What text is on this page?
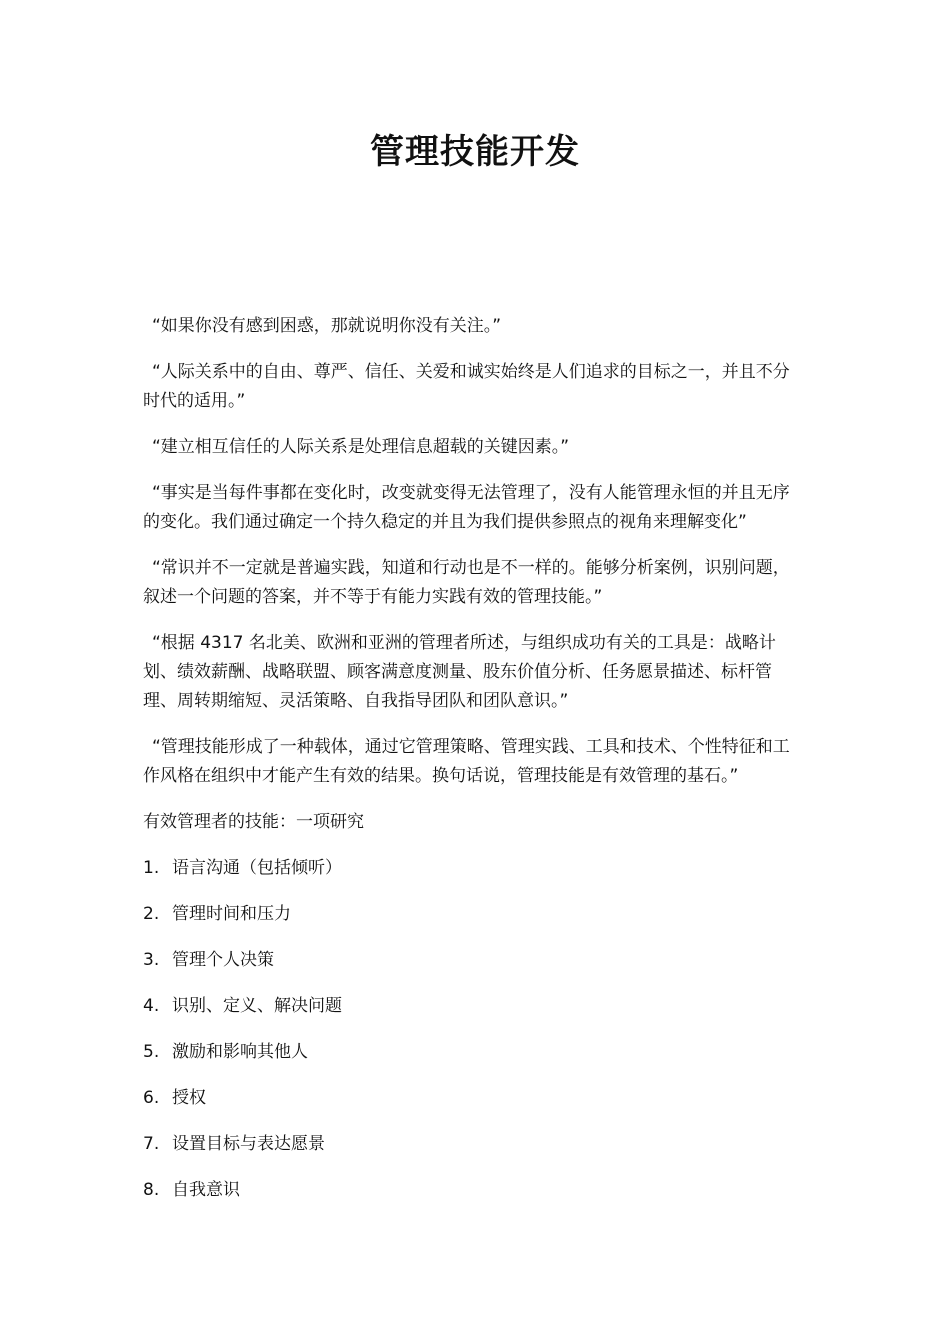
管理技能开发

“如果你没有感到困惑，那就说明你没有关注。”

“人际关系中的自由、尊严、信任、关爱和诚实始终是人们追求的目标之一，并且不分时代的适用。”

“建立相互信任的人际关系是处理信息超载的关键因素。”

“事实是当每件事都在变化时，改变就变得无法管理了，没有人能管理永恒的并且无序的变化。我们通过确定一个持久稳定的并且为我们提供参照点的视角来理解变化”

“常识并不一定就是普遍实践，知道和行动也是不一样的。能够分析案例，识别问题，叙述一个问题的答案，并不等于有能力实践有效的管理技能。”

“根据 4317 名北美、欧洲和亚洲的管理者所述，与组织成功有关的工具是：战略计划、绩效薪酬、战略联盟、顾客满意度测量、股东价值分析、任务愿景描述、标杆管理、周转期缩短、灵活策略、自我指导团队和团队意识。”

“管理技能形成了一种载体，通过它管理策略、管理实践、工具和技术、个性特征和工作风格在组织中才能产生有效的结果。换句话说，管理技能是有效管理的基石。”

有效管理者的技能：一项研究

1. 语言沟通（包括倾听）
2. 管理时间和压力
3. 管理个人决策
4. 识别、定义、解决问题
5. 激励和影响其他人
6. 授权
7. 设置目标与表达愿景
8. 自我意识
